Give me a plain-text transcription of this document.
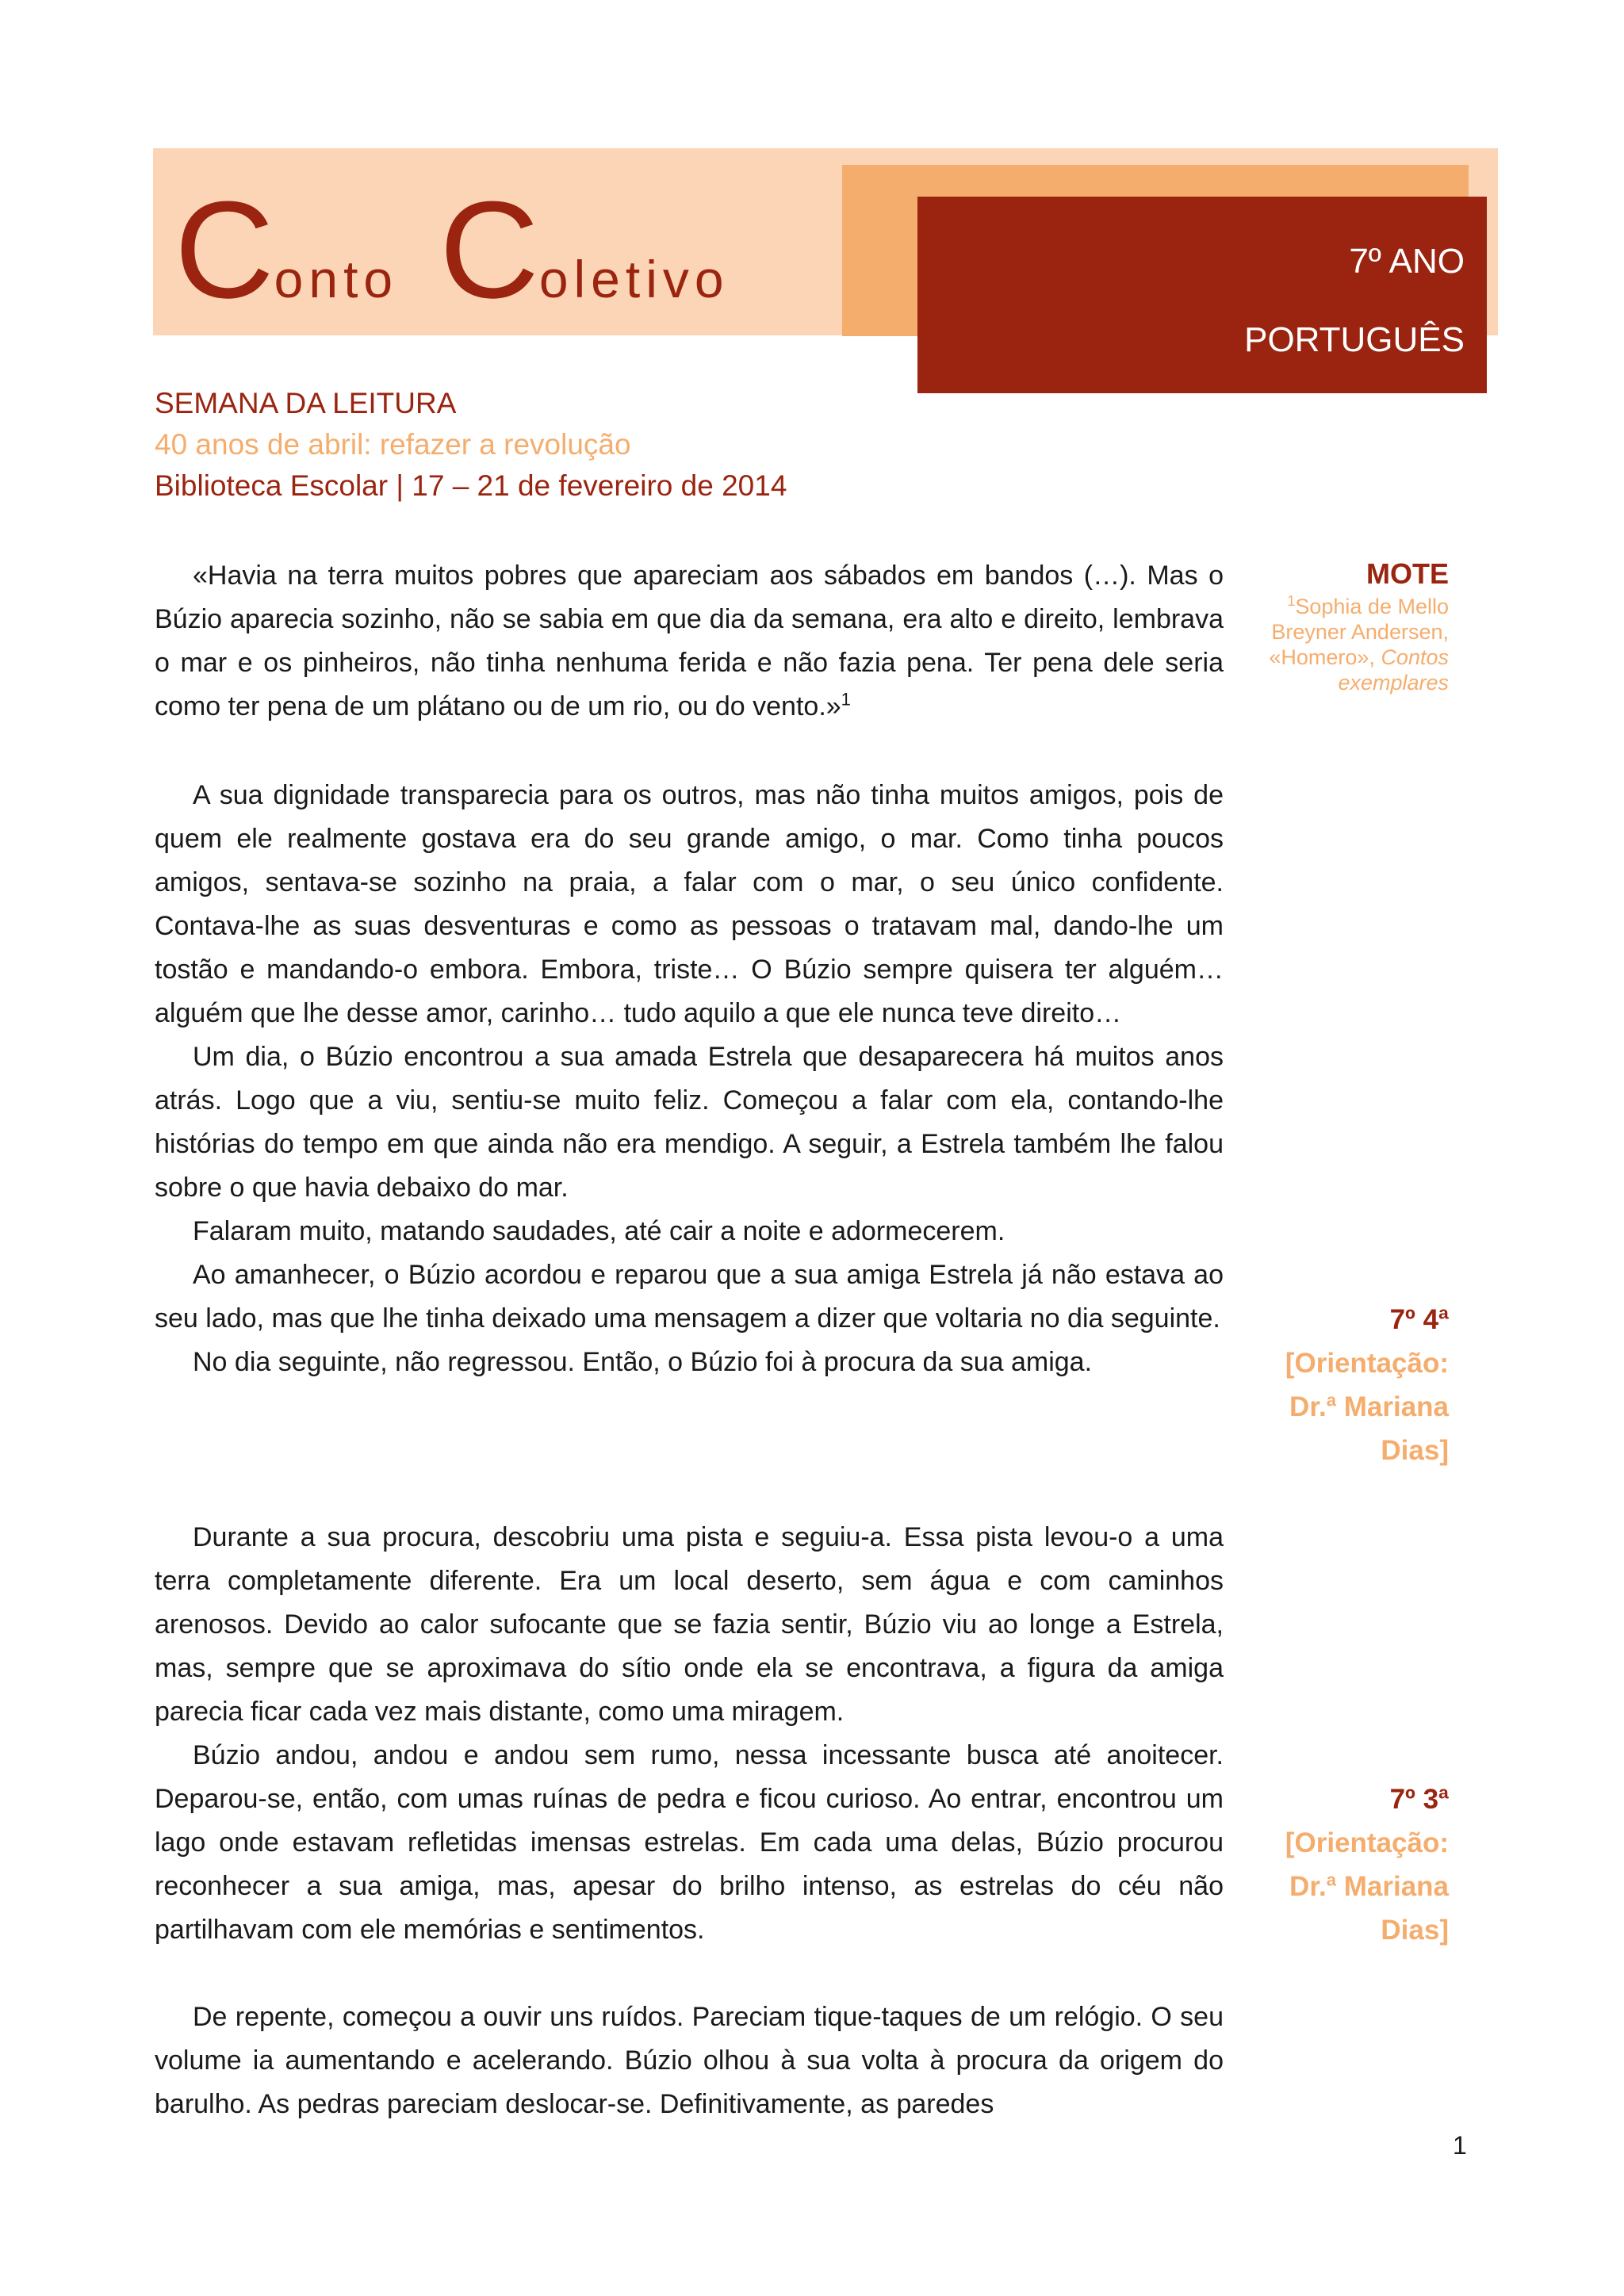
Conto Coletivo	7º ANO
PORTUGUÊS
SEMANA DA LEITURA
40 anos de abril: refazer a revolução
Biblioteca Escolar | 17 – 21 de fevereiro de 2014

«Havia na terra muitos pobres que apareciam aos sábados em bandos (…). Mas o Búzio aparecia sozinho, não se sabia em que dia da semana, era alto e direito, lembrava o mar e os pinheiros, não tinha nenhuma ferida e não fazia pena. Ter pena dele seria como ter pena de um plátano ou de um rio, ou do vento.»$^1$

MOTE
$^1$Sophia de Mello
Breyner Andersen,
«Homero», Contos
exemplares

A sua dignidade transparecia para os outros, mas não tinha muitos amigos, pois de quem ele realmente gostava era do seu grande amigo, o mar. Como tinha poucos amigos, sentava-se sozinho na praia, a falar com o mar, o seu único confidente. Contava-lhe as suas desventuras e como as pessoas o tratavam mal, dando-lhe um tostão e mandando-o embora. Embora, triste… O Búzio sempre quisera ter alguém… alguém que lhe desse amor, carinho… tudo aquilo a que ele nunca teve direito…

Um dia, o Búzio encontrou a sua amada Estrela que desaparecera há muitos anos atrás. Logo que a viu, sentiu-se muito feliz. Começou a falar com ela, contando-lhe histórias do tempo em que ainda não era mendigo. A seguir, a Estrela também lhe falou sobre o que havia debaixo do mar.

Falaram muito, matando saudades, até cair a noite e adormecerem.

Ao amanhecer, o Búzio acordou e reparou que a sua amiga Estrela já não estava ao seu lado, mas que lhe tinha deixado uma mensagem a dizer que voltaria no dia seguinte.

No dia seguinte, não regressou. Então, o Búzio foi à procura da sua amiga.

7º 4ª
[Orientação:
Dr.$^a$ Mariana
Dias]

Durante a sua procura, descobriu uma pista e seguiu-a. Essa pista levou-o a uma terra completamente diferente. Era um local deserto, sem água e com caminhos arenosos. Devido ao calor sufocante que se fazia sentir, Búzio viu ao longe a Estrela, mas, sempre que se aproximava do sítio onde ela se encontrava, a figura da amiga parecia ficar cada vez mais distante, como uma miragem.

Búzio andou, andou e andou sem rumo, nessa incessante busca até anoitecer. Deparou-se, então, com umas ruínas de pedra e ficou curioso. Ao entrar, encontrou um lago onde estavam refletidas imensas estrelas. Em cada uma delas, Búzio procurou reconhecer a sua amiga, mas, apesar do brilho intenso, as estrelas do céu não partilhavam com ele memórias e sentimentos.

7º 3ª
[Orientação:
Dr.$^a$ Mariana
Dias]

De repente, começou a ouvir uns ruídos. Pareciam tique-taques de um relógio. O seu volume ia aumentando e acelerando. Búzio olhou à sua volta à procura da origem do barulho. As pedras pareciam deslocar-se. Definitivamente, as paredes

1
